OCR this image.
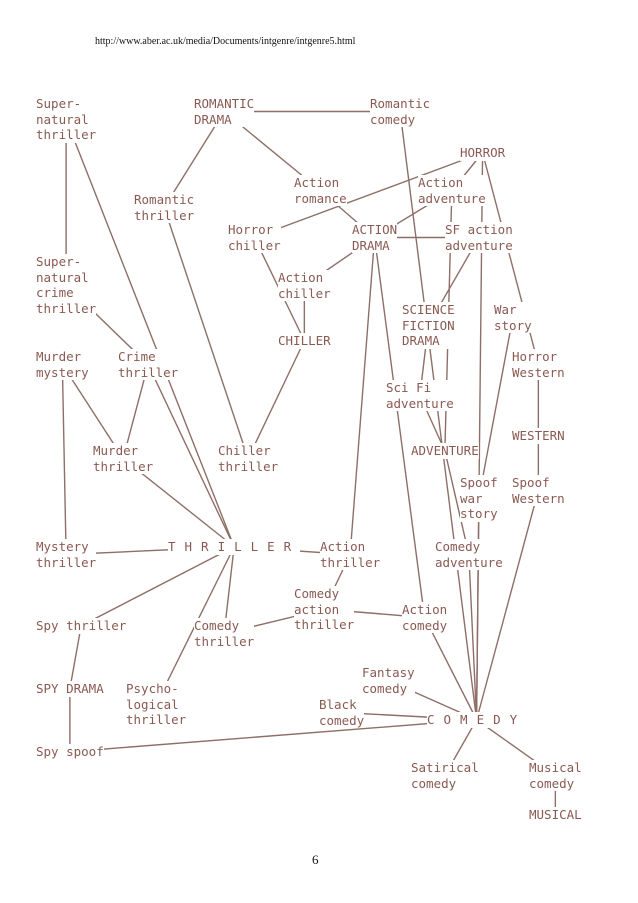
http://www.aber.ac.uk/media/Documents/intgenre/intgenre5.html
Super-
natural
thriller
ROMANTIC
DRAMA
Romantic
comedy
HORROR
Action
romance
Action
adventure
Romantic
thriller
Horror
chiller
ACTION
DRAMA
SF action
adventure
Super-
natural
crime
thriller
Action
chiller
SCIENCE
FICTION
DRAMA
War
story
CHILLER
Murder
mystery
Crime
thriller
Horror
Western
Sci Fi
adventure
WESTERN
Murder
thriller
Chiller
thriller
ADVENTURE
Spoof
war
story
Spoof
Western
Mystery
thriller
THRILLER Action
thriller
Comedy
adventure
Comedy
action
thriller
Action
comedy
Spy thriller	Comedy
thriller
Fantasy
comedy
SPY DRAMA Psycho-
logical
thriller
Black
comedy	COMEDY
Spy spoof
Satirical
comedy
Musical
comedy
MUSICAL
6
